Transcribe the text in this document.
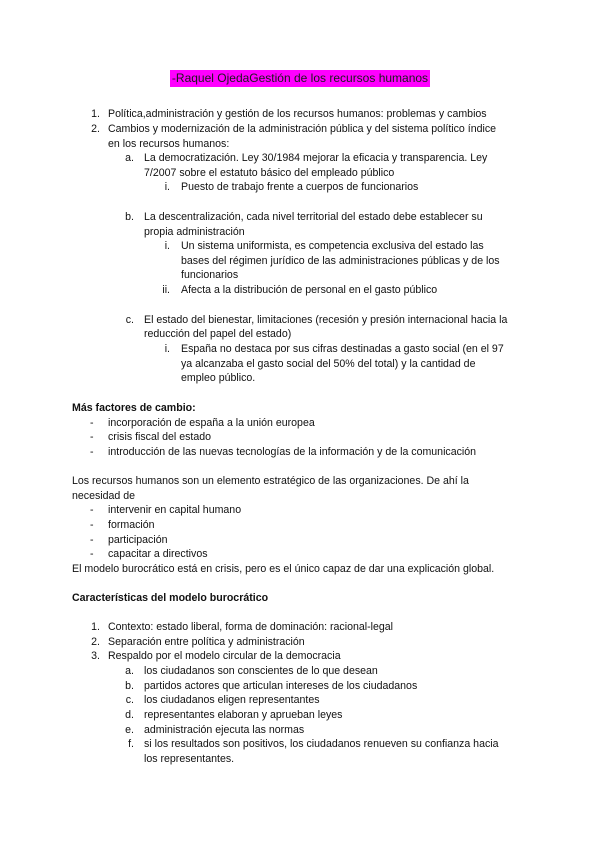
-Raquel OjedaGestión de los recursos humanos
1. Política,administración y gestión de los recursos humanos: problemas y cambios
2. Cambios y modernización de la administración pública y del sistema político índice
en los recursos humanos:
a. La democratización. Ley 30/1984 mejorar la eficacia y transparencia. Ley
7/2007 sobre el estatuto básico del empleado público
i. Puesto de trabajo frente a cuerpos de funcionarios
b. La descentralización, cada nivel territorial del estado debe establecer su
propia administración
i. Un sistema uniformista, es competencia exclusiva del estado las
bases del régimen jurídico de las administraciones públicas y de los
funcionarios
ii. Afecta a la distribución de personal en el gasto público
c. El estado del bienestar, limitaciones (recesión y presión internacional hacia la
reducción del papel del estado)
i. España no destaca por sus cifras destinadas a gasto social (en el 97
ya alcanzaba el gasto social del 50% del total) y la cantidad de
empleo público.
Más factores de cambio:
- incorporación de españa a la unión europea
- crisis fiscal del estado
- introducción de las nuevas tecnologías de la información y de la comunicación
Los recursos humanos son un elemento estratégico de las organizaciones. De ahí la
necesidad de
- intervenir en capital humano
- formación
- participación
- capacitar a directivos
El modelo burocrático está en crisis, pero es el único capaz de dar una explicación global.
Características del modelo burocrático
1. Contexto: estado liberal, forma de dominación: racional-legal
2. Separación entre política y administración
3. Respaldo por el modelo circular de la democracia
a. los ciudadanos son conscientes de lo que desean
b. partidos actores que articulan intereses de los ciudadanos
c. los ciudadanos eligen representantes
d. representantes elaboran y aprueban leyes
e. administración ejecuta las normas
f. si los resultados son positivos, los ciudadanos renueven su confianza hacia
los representantes.
